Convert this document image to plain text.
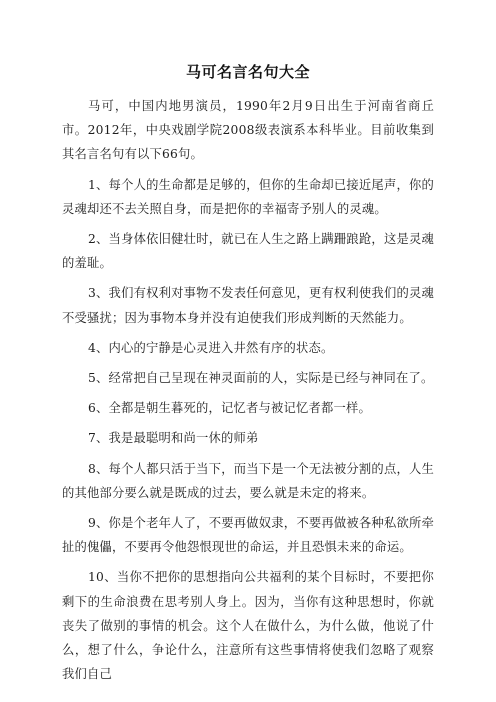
马可名言名句大全

马可，中国内地男演员，1990年2月9日出生于河南省商丘市。2012年，中央戏剧学院2008级表演系本科毕业。目前收集到其名言名句有以下66句。

1、每个人的生命都是足够的，但你的生命却已接近尾声，你的灵魂却还不去关照自身，而是把你的幸福寄予别人的灵魂。

2、当身体依旧健壮时，就已在人生之路上蹒跚踉跄，这是灵魂的羞耻。

3、我们有权利对事物不发表任何意见，更有权利使我们的灵魂不受骚扰；因为事物本身并没有迫使我们形成判断的天然能力。

4、内心的宁静是心灵进入井然有序的状态。

5、经常把自己呈现在神灵面前的人，实际是已经与神同在了。

6、全都是朝生暮死的，记忆者与被记忆者都一样。

7、我是最聪明和尚一休的师弟

8、每个人都只活于当下，而当下是一个无法被分割的点，人生的其他部分要么就是既成的过去，要么就是未定的将来。

9、你是个老年人了，不要再做奴隶，不要再做被各种私欲所牵扯的傀儡，不要再令他怨恨现世的命运，并且恐惧未来的命运。

10、当你不把你的思想指向公共福利的某个目标时，不要把你剩下的生命浪费在思考别人身上。因为，当你有这种思想时，你就丧失了做别的事情的机会。这个人在做什么，为什么做，他说了什么，想了什么，争论什么，注意所有这些事情将使我们忽略了观察我们自己
